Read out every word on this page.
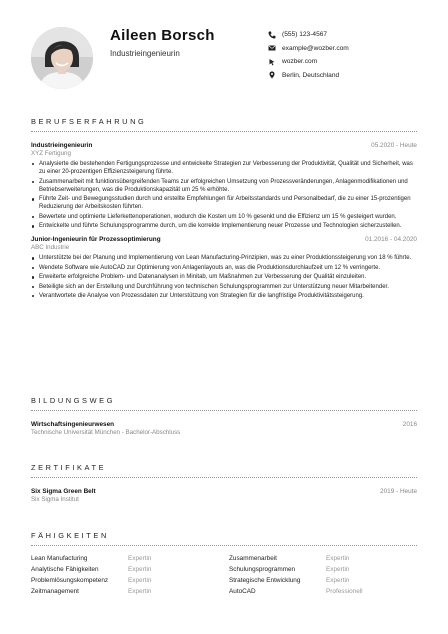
Aileen Borsch
Industrieingenieurin
(555) 123-4567
example@wozber.com
wozber.com
Berlin, Deutschland
BERUFSERFAHRUNG
Industrieingenieurin	05.2020 - Heute
XYZ Fertigung
Analysierte die bestehenden Fertigungsprozesse und entwickelte Strategien zur Verbesserung der Produktivität, Qualität und Sicherheit, was zu einer 20-prozentigen Effizienzsteigerung führte.
Zusammenarbeit mit funktionsübergreifenden Teams zur erfolgreichen Umsetzung von Prozessveränderungen, Anlagenmodifikationen und Betriebserweiterungen, was die Produktionskapazität um 25 % erhöhte.
Führte Zeit- und Bewegungsstudien durch und erstellte Empfehlungen für Arbeitsstandards und Personalbedarf, die zu einer 15-prozentigen Reduzierung der Arbeitskosten führten.
Bewertete und optimierte Lieferkettenoperationen, wodurch die Kosten um 10 % gesenkt und die Effizienz um 15 % gesteigert wurden.
Entwickelte und führte Schulungsprogramme durch, um die korrekte Implementierung neuer Prozesse und Technologien sicherzustellen.
Junior-Ingenieurin für Prozessoptimierung	01.2016 - 04.2020
ABC Industrie
Unterstützte bei der Planung und Implementierung von Lean Manufacturing-Prinzipien, was zu einer Produktionssteigerung von 18 % führte.
Wendete Software wie AutoCAD zur Optimierung von Anlagenlayouts an, was die Produktionsdurchlaufzeit um 12 % verringerte.
Erweiterte erfolgreiche Problem- und Datenanalysen in Minitab, um Maßnahmen zur Verbesserung der Qualität einzuleiten.
Beteiligte sich an der Erstellung und Durchführung von technischen Schulungsprogrammen zur Unterstützung neuer Mitarbeitender.
Verantwortete die Analyse von Prozessdaten zur Unterstützung von Strategien für die langfristige Produktivitätssteigerung.
BILDUNGSWEG
Wirtschaftsingenieurwesen	2016
Technische Universität München - Bachelor-Abschluss
ZERTIFIKATE
Six Sigma Green Belt	2019 - Heute
Six Sigma Institut
FÄHIGKEITEN
Lean Manufacturing	Expertin	Zusammenarbeit	Expertin
Analytische Fähigkeiten	Expertin	Schulungsprogrammen	Expertin
Problemlösungskompetenz	Expertin	Strategische Entwicklung	Expertin
Zeitmanagement	Expertin	AutoCAD	Professionell
